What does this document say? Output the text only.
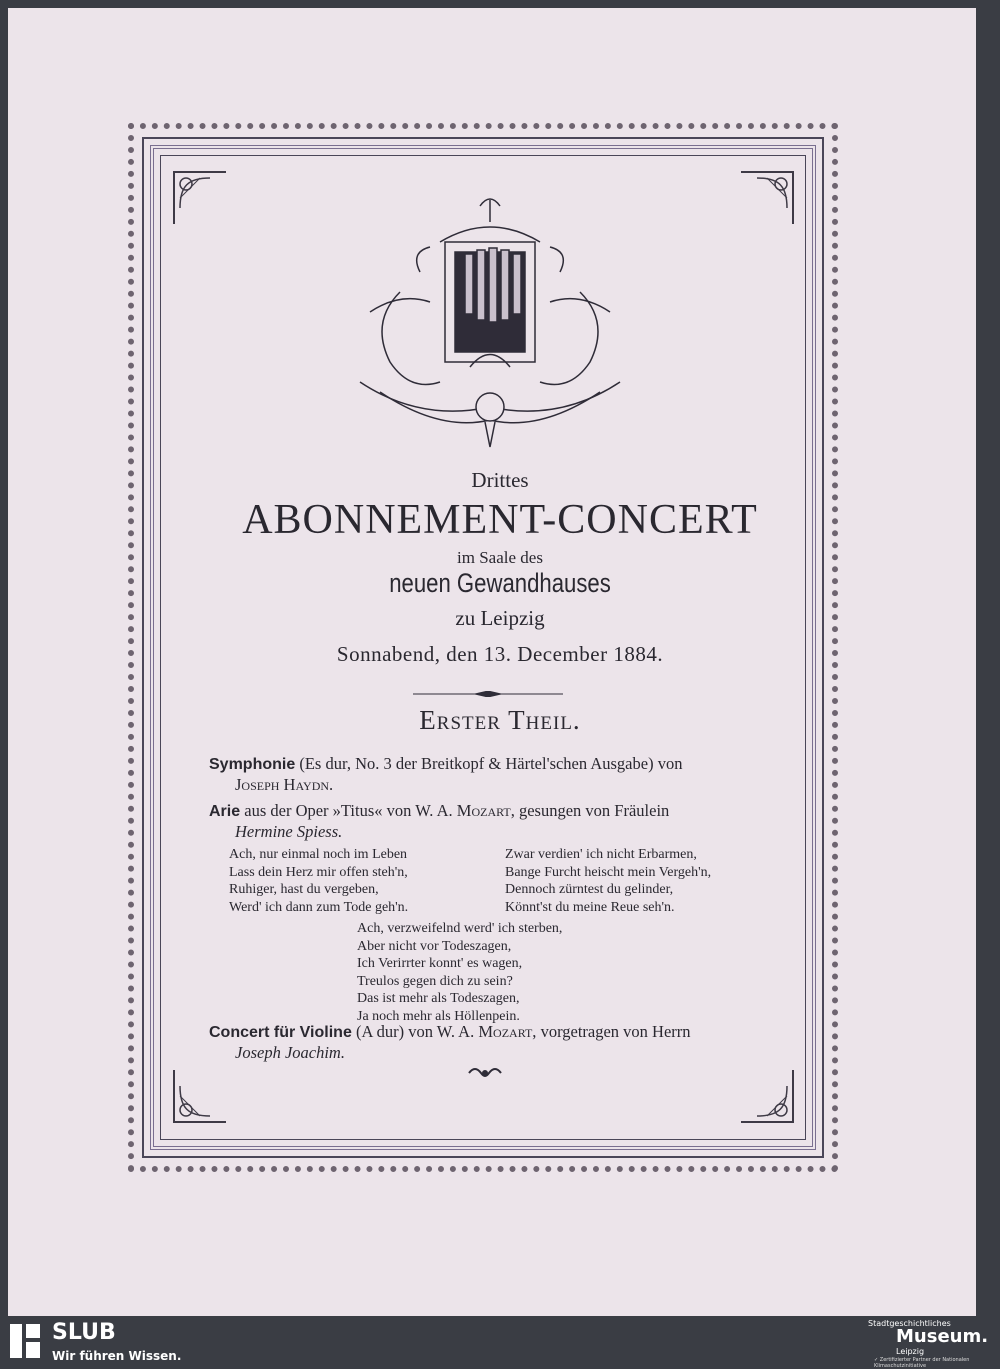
Drittes
ABONNEMENT-CONCERT
im Saale des
neuen Gewandhauses
zu Leipzig
Sonnabend, den 13. December 1884.
Erster Theil.
Symphonie (Es dur, No. 3 der Breitkopf & Härtel'schen Ausgabe) von
Joseph Haydn.
Arie aus der Oper »Titus« von W. A. Mozart, gesungen von Fräulein
Hermine Spiess.
Ach, nur einmal noch im Leben
Lass dein Herz mir offen steh'n,
Ruhiger, hast du vergeben,
Werd' ich dann zum Tode geh'n.
Zwar verdien' ich nicht Erbarmen,
Bange Furcht heischt mein Vergeh'n,
Dennoch zürntest du gelinder,
Könnt'st du meine Reue seh'n.
Ach, verzweifelnd werd' ich sterben,
Aber nicht vor Todeszagen,
Ich Verirrter konnt' es wagen,
Treulos gegen dich zu sein?
Das ist mehr als Todeszagen,
Ja noch mehr als Höllenpein.
Concert für Violine (A dur) von W. A. Mozart, vorgetragen von Herrn
Joseph Joachim.
SLUB
Wir führen Wissen.
Stadtgeschichtliches
Museum.
Leipzig
✓ Zertifizierter Partner der Nationalen Klimaschutzinitiative
